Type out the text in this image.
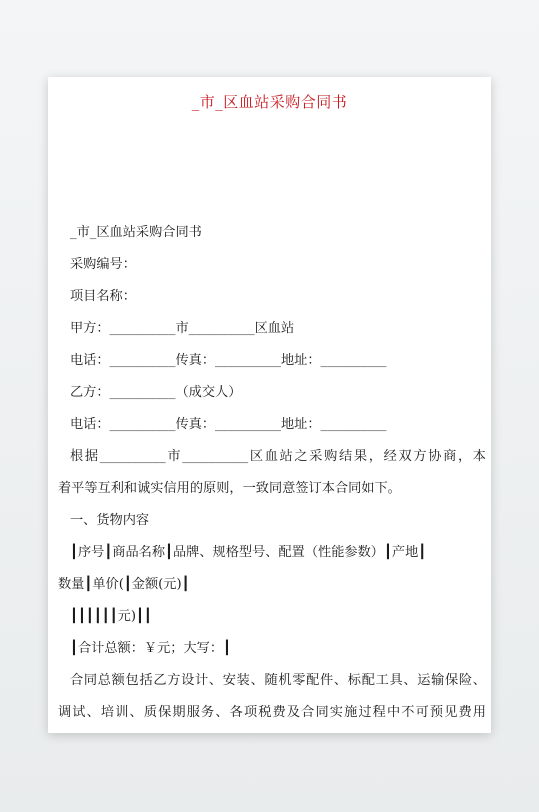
_市_区血站采购合同书
_市_区血站采购合同书
采购编号：
项目名称：
甲方：__________市__________区血站
电话：__________传真：__________地址：__________
乙方：__________（成交人）
电话：__________传真：__________地址：__________
根据__________市__________区血站之采购结果，经双方协商，本
着平等互利和诚实信用的原则，一致同意签订本合同如下。
一、货物内容
┃序号┃商品名称┃品牌、规格型号、配置（性能参数）┃产地┃
数量┃单价(┃金额(元)┃
┃┃┃┃┃┃元)┃┃
┃合计总额：￥元；大写：┃
合同总额包括乙方设计、安装、随机零配件、标配工具、运输保险、
调试、培训、质保期服务、各项税费及合同实施过程中不可预见费用
